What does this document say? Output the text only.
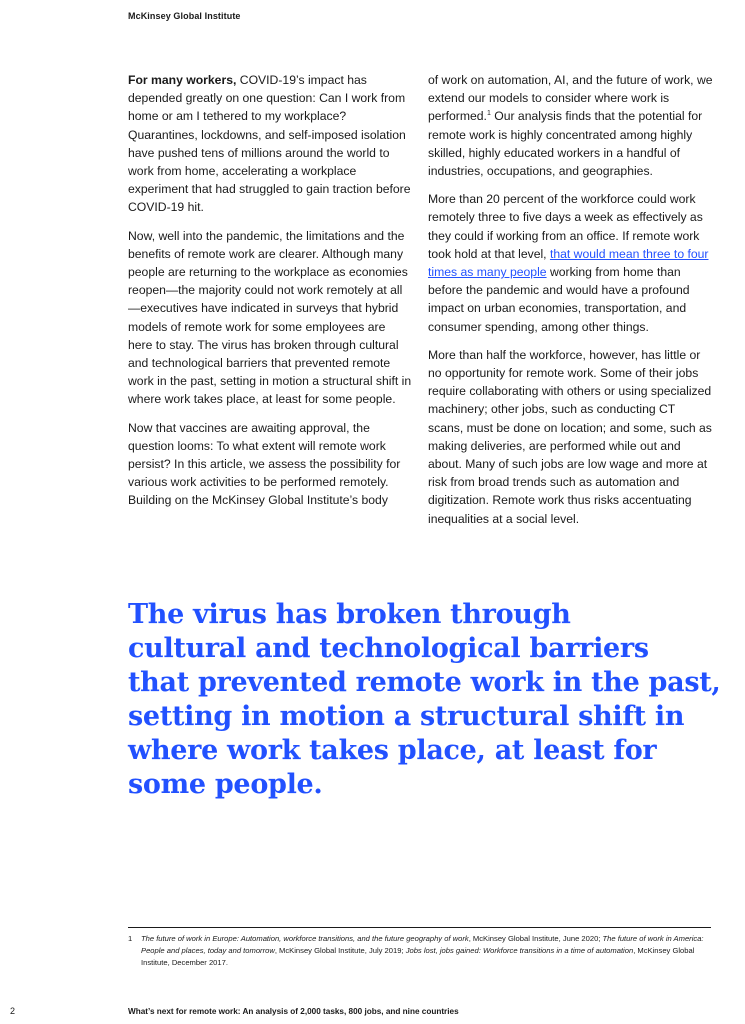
McKinsey Global Institute

For many workers, COVID-19’s impact has depended greatly on one question: Can I work from home or am I tethered to my workplace? Quarantines, lockdowns, and self-imposed isolation have pushed tens of millions around the world to work from home, accelerating a workplace experiment that had struggled to gain traction before COVID-19 hit.

Now, well into the pandemic, the limitations and the benefits of remote work are clearer. Although many people are returning to the workplace as economies reopen—the majority could not work remotely at all—executives have indicated in surveys that hybrid models of remote work for some employees are here to stay. The virus has broken through cultural and technological barriers that prevented remote work in the past, setting in motion a structural shift in where work takes place, at least for some people.

Now that vaccines are awaiting approval, the question looms: To what extent will remote work persist? In this article, we assess the possibility for various work activities to be performed remotely. Building on the McKinsey Global Institute’s body

of work on automation, AI, and the future of work, we extend our models to consider where work is performed.$^1$ Our analysis finds that the potential for remote work is highly concentrated among highly skilled, highly educated workers in a handful of industries, occupations, and geographies.

More than 20 percent of the workforce could work remotely three to five days a week as effectively as they could if working from an office. If remote work took hold at that level, that would mean three to four times as many people working from home than before the pandemic and would have a profound impact on urban economies, transportation, and consumer spending, among other things.

More than half the workforce, however, has little or no opportunity for remote work. Some of their jobs require collaborating with others or using specialized machinery; other jobs, such as conducting CT scans, must be done on location; and some, such as making deliveries, are performed while out and about. Many of such jobs are low wage and more at risk from broad trends such as automation and digitization. Remote work thus risks accentuating inequalities at a social level.

The virus has broken through
cultural and technological barriers
that prevented remote work in the past,
setting in motion a structural shift in
where work takes place, at least for
some people.
1 The future of work in Europe: Automation, workforce transitions, and the future geography of work, McKinsey Global Institute, June 2020; The future of work in America: People and places, today and tomorrow, McKinsey Global Institute, July 2019; Jobs lost, jobs gained: Workforce transitions in a time of automation, McKinsey Global Institute, December 2017.
2	What’s next for remote work: An analysis of 2,000 tasks, 800 jobs, and nine countries
